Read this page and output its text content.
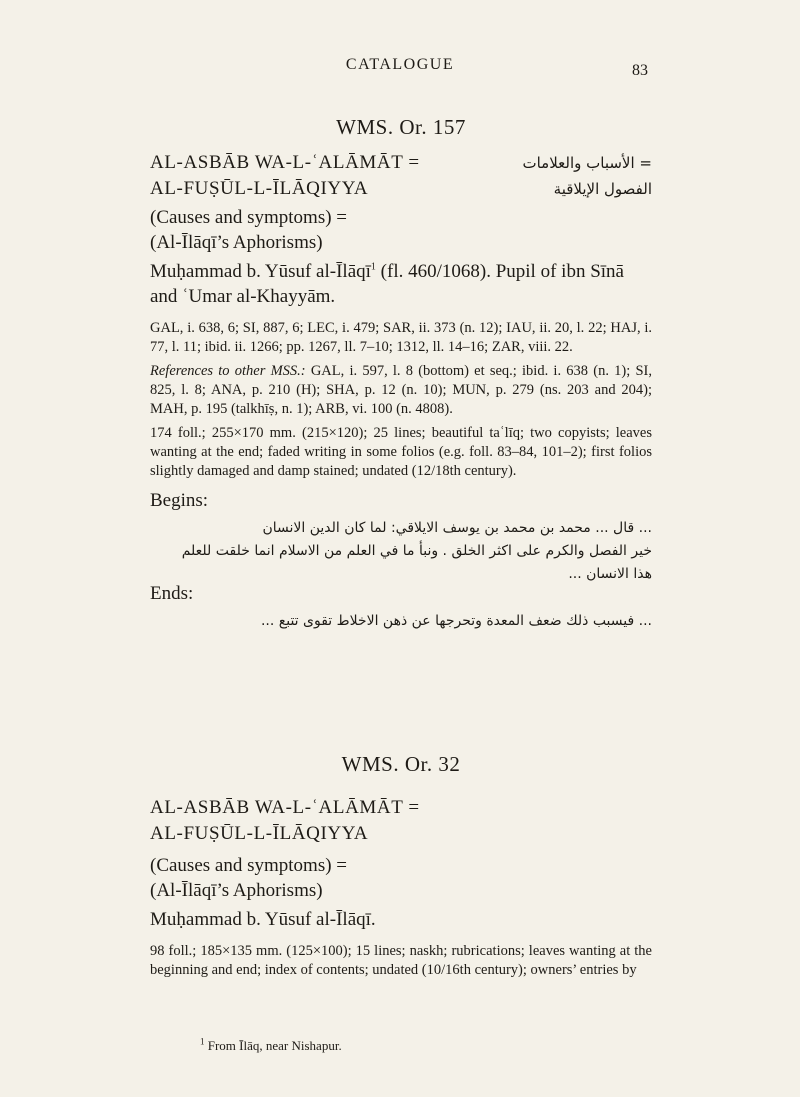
CATALOGUE	83
WMS. Or. 157
AL-ASBĀB WA-L-ʿALĀMĀT =	= الأسباب والعلامات
AL-FUṢŪL-L-ĪLĀQIYYA	الفصول الإيلاقية
(Causes and symptoms) =
(Al-Īlāqī’s Aphorisms)
Muḥammad b. Yūsuf al-Īlāqī$^1$ (fl. 460/1068). Pupil of ibn Sīnā and ʿUmar al-Khayyām.
GAL, i. 638, 6; SI, 887, 6; LEC, i. 479; SAR, ii. 373 (n. 12); IAU, ii. 20, l. 22; HAJ, i. 77, l. 11; ibid. ii. 1266; pp. 1267, ll. 7–10; 1312, ll. 14–16; ZAR, viii. 22.
References to other MSS.: GAL, i. 597, l. 8 (bottom) et seq.; ibid. i. 638 (n. 1); SI, 825, l. 8; ANA, p. 210 (H); SHA, p. 12 (n. 10); MUN, p. 279 (ns. 203 and 204); MAH, p. 195 (talkhīṣ, n. 1); ARB, vi. 100 (n. 4808).
174 foll.; 255×170 mm. (215×120); 25 lines; beautiful taʿlīq; two copyists; leaves wanting at the end; faded writing in some folios (e.g. foll. 83–84, 101–2); first folios slightly damaged and damp stained; undated (12/18th century).
Begins:
... قال ... محمد بن محمد بن يوسف الايلاقي: لما كان الدين الانسان
خير الفصل والكرم على اكثر الخلق . ونبأ ما في العلم من الاسلام انما خلقت للعلم
هذا الانسان ...
Ends:
... فيسبب ذلك ضعف المعدة وتحرجها عن ذهن الاخلاط تقوى تتبع ...
WMS. Or. 32
AL-ASBĀB WA-L-ʿALĀMĀT =
AL-FUṢŪL-L-ĪLĀQIYYA
(Causes and symptoms) =
(Al-Īlāqī’s Aphorisms)
Muḥammad b. Yūsuf al-Īlāqī.
98 foll.; 185×135 mm. (125×100); 15 lines; naskh; rubrications; leaves wanting at the beginning and end; index of contents; undated (10/16th century); owners’ entries by
$^1$ From Īlāq, near Nishapur.
